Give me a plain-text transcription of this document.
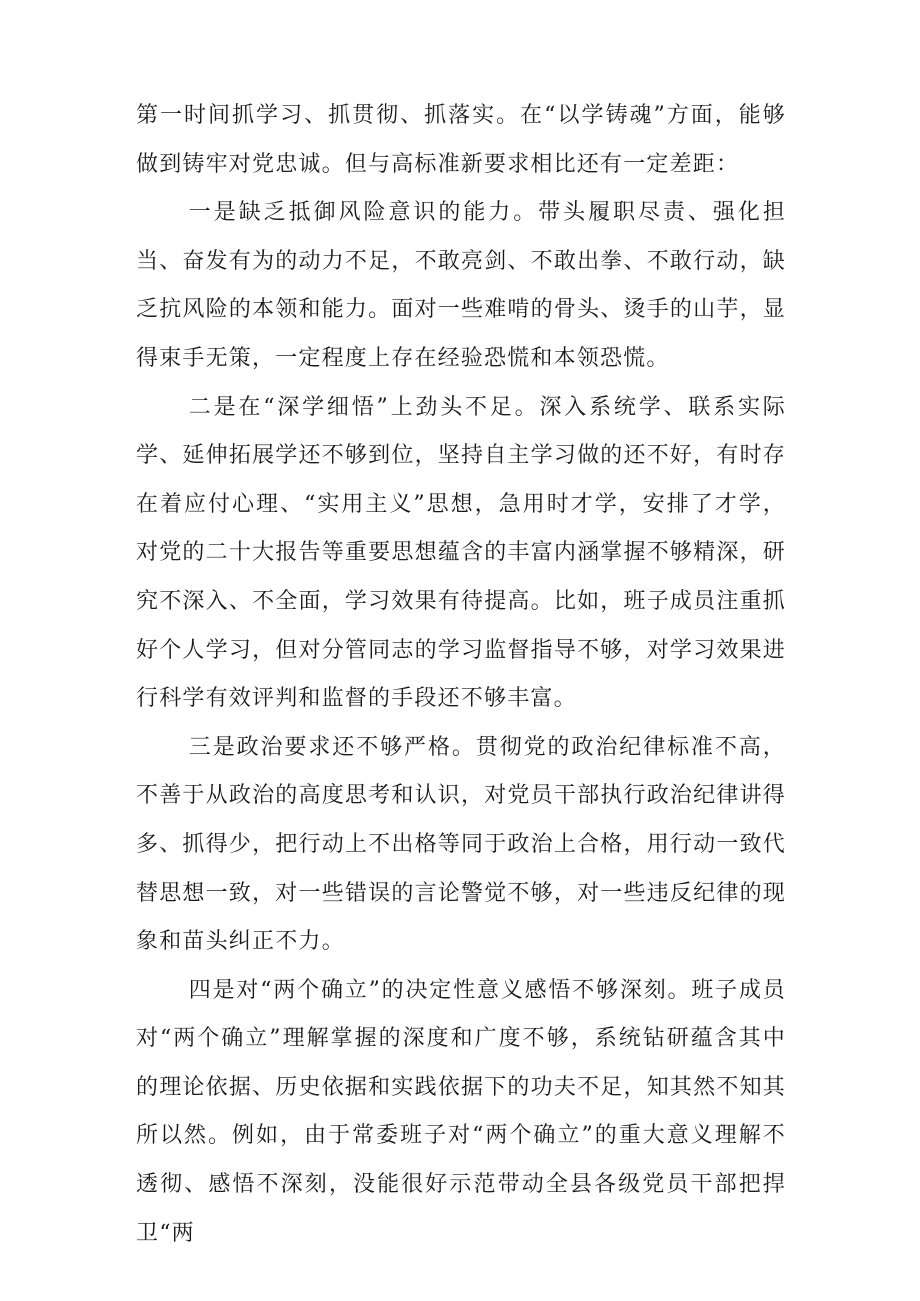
第一时间抓学习、抓贯彻、抓落实。在“以学铸魂”方面，能够做到铸牢对党忠诚。但与高标准新要求相比还有一定差距：

一是缺乏抵御风险意识的能力。带头履职尽责、强化担当、奋发有为的动力不足，不敢亮剑、不敢出拳、不敢行动，缺乏抗风险的本领和能力。面对一些难啃的骨头、烫手的山芋，显得束手无策，一定程度上存在经验恐慌和本领恐慌。

二是在“深学细悟”上劲头不足。深入系统学、联系实际学、延伸拓展学还不够到位，坚持自主学习做的还不好，有时存在着应付心理、“实用主义”思想，急用时才学，安排了才学，对党的二十大报告等重要思想蕴含的丰富内涵掌握不够精深，研究不深入、不全面，学习效果有待提高。比如，班子成员注重抓好个人学习，但对分管同志的学习监督指导不够，对学习效果进行科学有效评判和监督的手段还不够丰富。

三是政治要求还不够严格。贯彻党的政治纪律标准不高，不善于从政治的高度思考和认识，对党员干部执行政治纪律讲得多、抓得少，把行动上不出格等同于政治上合格，用行动一致代替思想一致，对一些错误的言论警觉不够，对一些违反纪律的现象和苗头纠正不力。

四是对“两个确立”的决定性意义感悟不够深刻。班子成员对“两个确立”理解掌握的深度和广度不够，系统钻研蕴含其中的理论依据、历史依据和实践依据下的功夫不足，知其然不知其所以然。例如，由于常委班子对“两个确立”的重大意义理解不透彻、感悟不深刻，没能很好示范带动全县各级党员干部把捍卫“两
